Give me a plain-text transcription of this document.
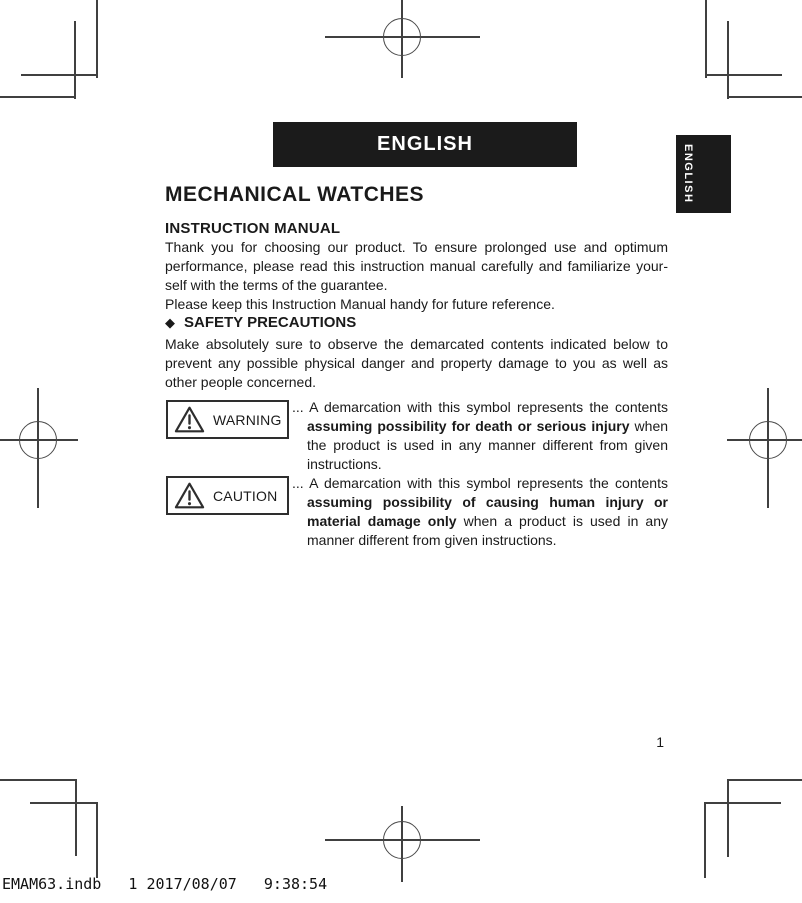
ENGLISH	ENGLISH
MECHANICAL WATCHES
INSTRUCTION MANUAL

Thank you for choosing our product. To ensure prolonged use and optimum performance, please read this instruction manual carefully and familiarize your-self with the terms of the guarantee.

Please keep this Instruction Manual handy for future reference.

◆ SAFETY PRECAUTIONS

Make absolutely sure to observe the demarcated contents indicated below to prevent any possible physical danger and property damage to you as well as other people concerned.

WARNING

... A demarcation with this symbol represents the contents assuming possibility for death or serious injury when the product is used in any manner different from given instructions.

CAUTION

... A demarcation with this symbol represents the contents assuming possibility of causing human injury or material damage only when a product is used in any manner different from given instructions.

1
EMAM63.indb   1 2017/08/07   9:38:54
